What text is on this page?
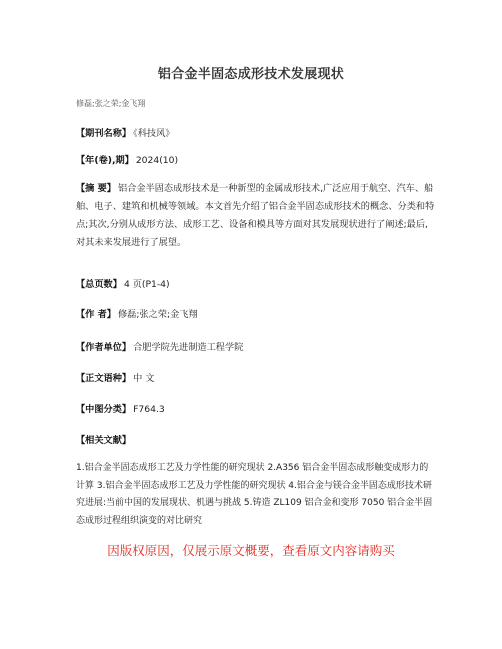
铝合金半固态成形技术发展现状
修磊;张之荣;金飞翔
【期刊名称】 《科技风》
【年(卷),期】 2024(10)
【摘 要】 铝合金半固态成形技术是一种新型的金属成形技术,广泛应用于航空、汽车、船舶、电子、建筑和机械等领域。本文首先介绍了铝合金半固态成形技术的概念、分类和特点;其次,分别从成形方法、成形工艺、设备和模具等方面对其发展现状进行了阐述;最后,对其未来发展进行了展望。
【总页数】 4 页(P1-4)
【作 者】 修磊;张之荣;金飞翔
【作者单位】 合肥学院先进制造工程学院
【正文语种】 中 文
【中图分类】 F764.3
【相关文献】
1.铝合金半固态成形工艺及力学性能的研究现状 2.A356 铝合金半固态成形触变成形力的计算 3.铝合金半固态成形工艺及力学性能的研究现状 4.铝合金与镁合金半固态成形技术研究进展:当前中国的发展现状、机遇与挑战 5.铸造 ZL109 铝合金和变形 7050 铝合金半固态成形过程组织演变的对比研究
因版权原因，仅展示原文概要，查看原文内容请购买
